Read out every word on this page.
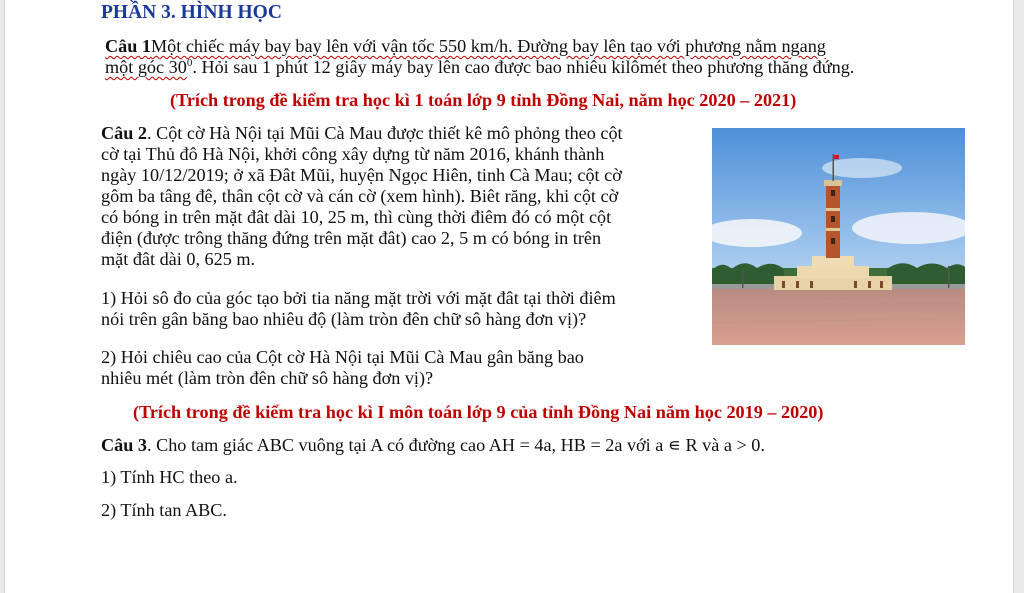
PHẦN 3. HÌNH HỌC
Câu 1Một chiếc máy bay bay lên với vận tốc 550 km/h. Đường bay lên tạo với phương nằm ngang
một góc $30^0$. Hỏi sau 1 phút 12 giây máy bay lên cao được bao nhiêu kilômét theo phương thăng đứng.
(Trích trong đề kiểm tra học kì 1 toán lớp 9 tỉnh Đồng Nai, năm học 2020 – 2021)
Câu 2. Cột cờ Hà Nội tại Mũi Cà Mau được thiết kê mô phỏng theo cột
cờ tại Thủ đô Hà Nội, khởi công xây dựng từ năm 2016, khánh thành
ngày 10/12/2019; ở xã Đât Mũi, huyện Ngọc Hiên, tinh Cà Mau; cột cờ
gôm ba tâng đê, thân cột cờ và cán cờ (xem hình). Biêt răng, khi cột cờ
có bóng in trên mặt đât dài 10, 25 m, thì cùng thời điêm đó có một cột
điện (được trông thăng đứng trên mặt đât) cao 2, 5 m có bóng in trên
mặt đât dài 0, 625 m.
1) Hỏi sô đo của góc tạo bởi tia năng mặt trời với mặt đât tại thời điêm
nói trên gân băng bao nhiêu độ (làm tròn đên chữ sô hàng đơn vị)?
2) Hỏi chiêu cao của Cột cờ Hà Nội tại Mũi Cà Mau gân băng bao
nhiêu mét (làm tròn đên chữ sô hàng đơn vị)?
(Trích trong đề kiểm tra học kì I môn toán lớp 9 của tỉnh Đồng Nai năm học 2019 – 2020)
Câu 3. Cho tam giác ABC vuông tại A có đường cao AH = 4a, HB = 2a với a ∊ R và a > 0.
1) Tính HC theo a.
2) Tính tan ABC.
